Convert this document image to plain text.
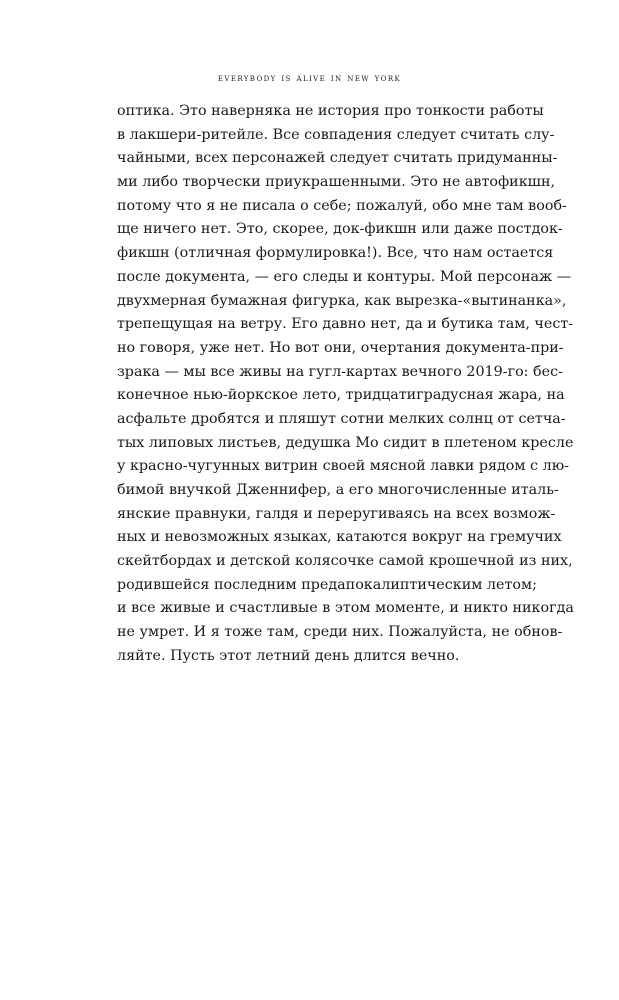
everybody is alive in new york
оптика. Это наверняка не история про тонкости работы
в лакшери-ритейле. Все совпадения следует считать слу-
чайными, всех персонажей следует считать придуманны-
ми либо творчески приукрашенными. Это не автофикшн,
потому что я не писала о себе; пожалуй, обо мне там вооб-
ще ничего нет. Это, скорее, док-фикшн или даже постдок-
фикшн (отличная формулировка!). Все, что нам остается
после документа, — его следы и контуры. Мой персонаж —
двухмерная бумажная фигурка, как вырезка-«вытинанка»,
трепещущая на ветру. Его давно нет, да и бутика там, чест-
но говоря, уже нет. Но вот они, очертания документа-при-
зрака — мы все живы на гугл-картах вечного 2019-го: бес-
конечное нью-йоркское лето, тридцатиградусная жара, на
асфальте дробятся и пляшут сотни мелких солнц от сетча-
тых липовых листьев, дедушка Мо сидит в плетеном кресле
у красно-чугунных витрин своей мясной лавки рядом с лю-
бимой внучкой Дженнифер, а его многочисленные италь-
янские правнуки, галдя и переругиваясь на всех возмож-
ных и невозможных языках, катаются вокруг на гремучих
скейтбордах и детской колясочке самой крошечной из них,
родившейся последним предапокалиптическим летом;
и все живые и счастливые в этом моменте, и никто никогда
не умрет. И я тоже там, среди них. Пожалуйста, не обнов-
ляйте. Пусть этот летний день длится вечно.
